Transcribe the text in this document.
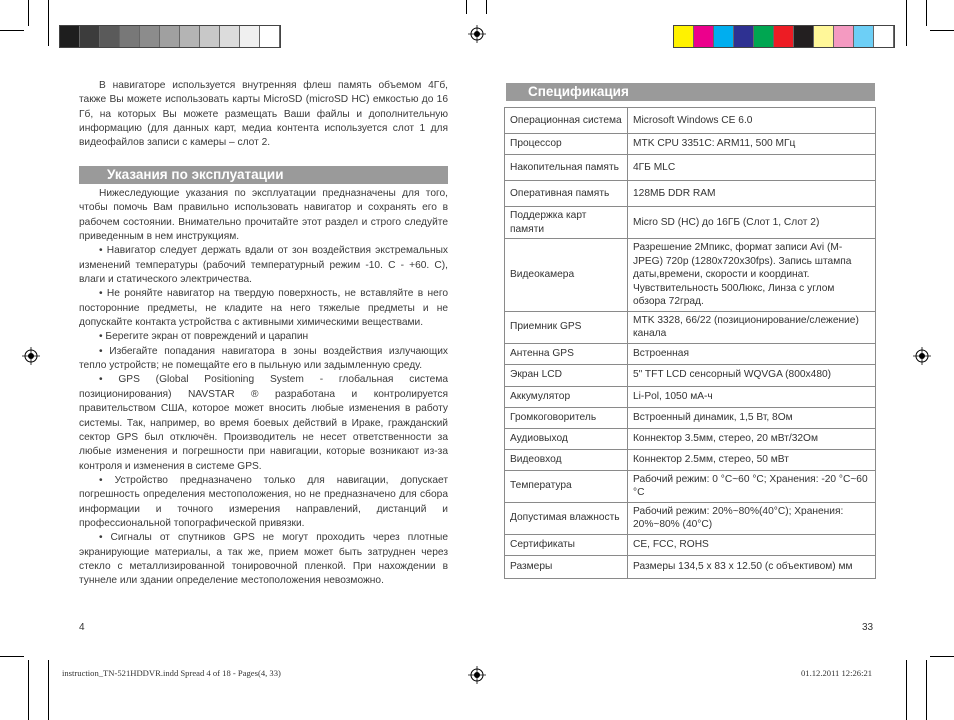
В навигаторе используется внутренняя флеш память объемом 4Гб, также Вы можете использовать карты MicroSD (microSD HC) емкостью до 16 Гб, на которых Вы можете размещать Ваши файлы и дополнительную информацию (для данных карт, медиа контента используется слот 1 для видеофайлов записи с камеры – слот 2.

Указания по эксплуатации

Нижеследующие указания по эксплуатации предназначены для того, чтобы помочь Вам правильно использовать навигатор и сохранять его в рабочем состоянии. Внимательно прочитайте этот раздел и строго следуйте приведенным в нем инструкциям.

• Навигатор следует держать вдали от зон воздействия экстремальных изменений температуры (рабочий температурный режим -10. С - +60. С), влаги и статического электричества.

• Не роняйте навигатор на твердую поверхность, не вставляйте в него посторонние предметы, не кладите на него тяжелые предметы и не допускайте контакта устройства с активными химическими веществами.

• Берегите экран от повреждений и царапин

• Избегайте попадания навигатора в зоны воздействия излучающих тепло устройств; не помещайте его в пыльную или задымленную среду.

• GPS (Global Positioning System - глобальная система позиционирования) NAVSTAR ® разработана и контролируется правительством США, которое может вносить любые изменения в работу системы. Так, например, во время боевых действий в Ираке, гражданский сектор GPS был отключён. Производитель не несет ответственности за любые изменения и погрешности при навигации, которые возникают из-за контроля и изменения в системе GPS.

• Устройство предназначено только для навигации, допускает погрешность определения местоположения, но не предназначено для сбора информации и точного измерения направлений, дистанций и профессиональной топографической привязки.

• Сигналы от спутников GPS не могут проходить через плотные экранирующие материалы, а так же, прием может быть затруднен через стекло с металлизированной тонировочной пленкой. При нахождении в туннеле или здании определение местоположения невозможно.

Спецификация
Операционная система	Microsoft Windows CE 6.0
Процессор	MTK CPU 3351C: ARM11, 500 МГц
Накопительная память	4ГБ MLC
Оперативная память	128МБ DDR RAM
Поддержка карт памяти	Micro SD (HC) до 16ГБ (Слот 1, Слот 2)
Видеокамера	Разрешение 2Мпикс, формат записи Avi (M-JPEG) 720p (1280x720x30fps). Запись штампа даты,времени, скорости и координат. Чувствительность 500Люкс, Линза с углом обзора 72град.
Приемник GPS	MTK 3328, 66/22 (позиционирование/слежение) канала
Антенна GPS	Встроенная
Экран LCD	5" TFT LCD сенсорный WQVGA (800x480)
Аккумулятор	Li-Pol, 1050 мА-ч
Громкоговоритель	Встроенный динамик, 1,5 Вт, 8Ом
Аудиовыход	Коннектор 3.5мм, стерео, 20 мВт/32Ом
Видеовход	Коннектор 2.5мм, стерео, 50 мВт
Температура	Рабочий режим: 0 °C~60 °C; Хранения: -20 °C~60 °C
Допустимая влажность	Рабочий режим: 20%~80%(40°C); Хранения: 20%~80% (40°C)
Сертификаты	CE, FCC, ROHS
Размеры	Размеры 134,5 x 83 x 12.50 (с объективом) мм
4	33
instruction_TN-521HDDVR.indd Spread 4 of 18 - Pages(4, 33)	01.12.2011 12:26:21
